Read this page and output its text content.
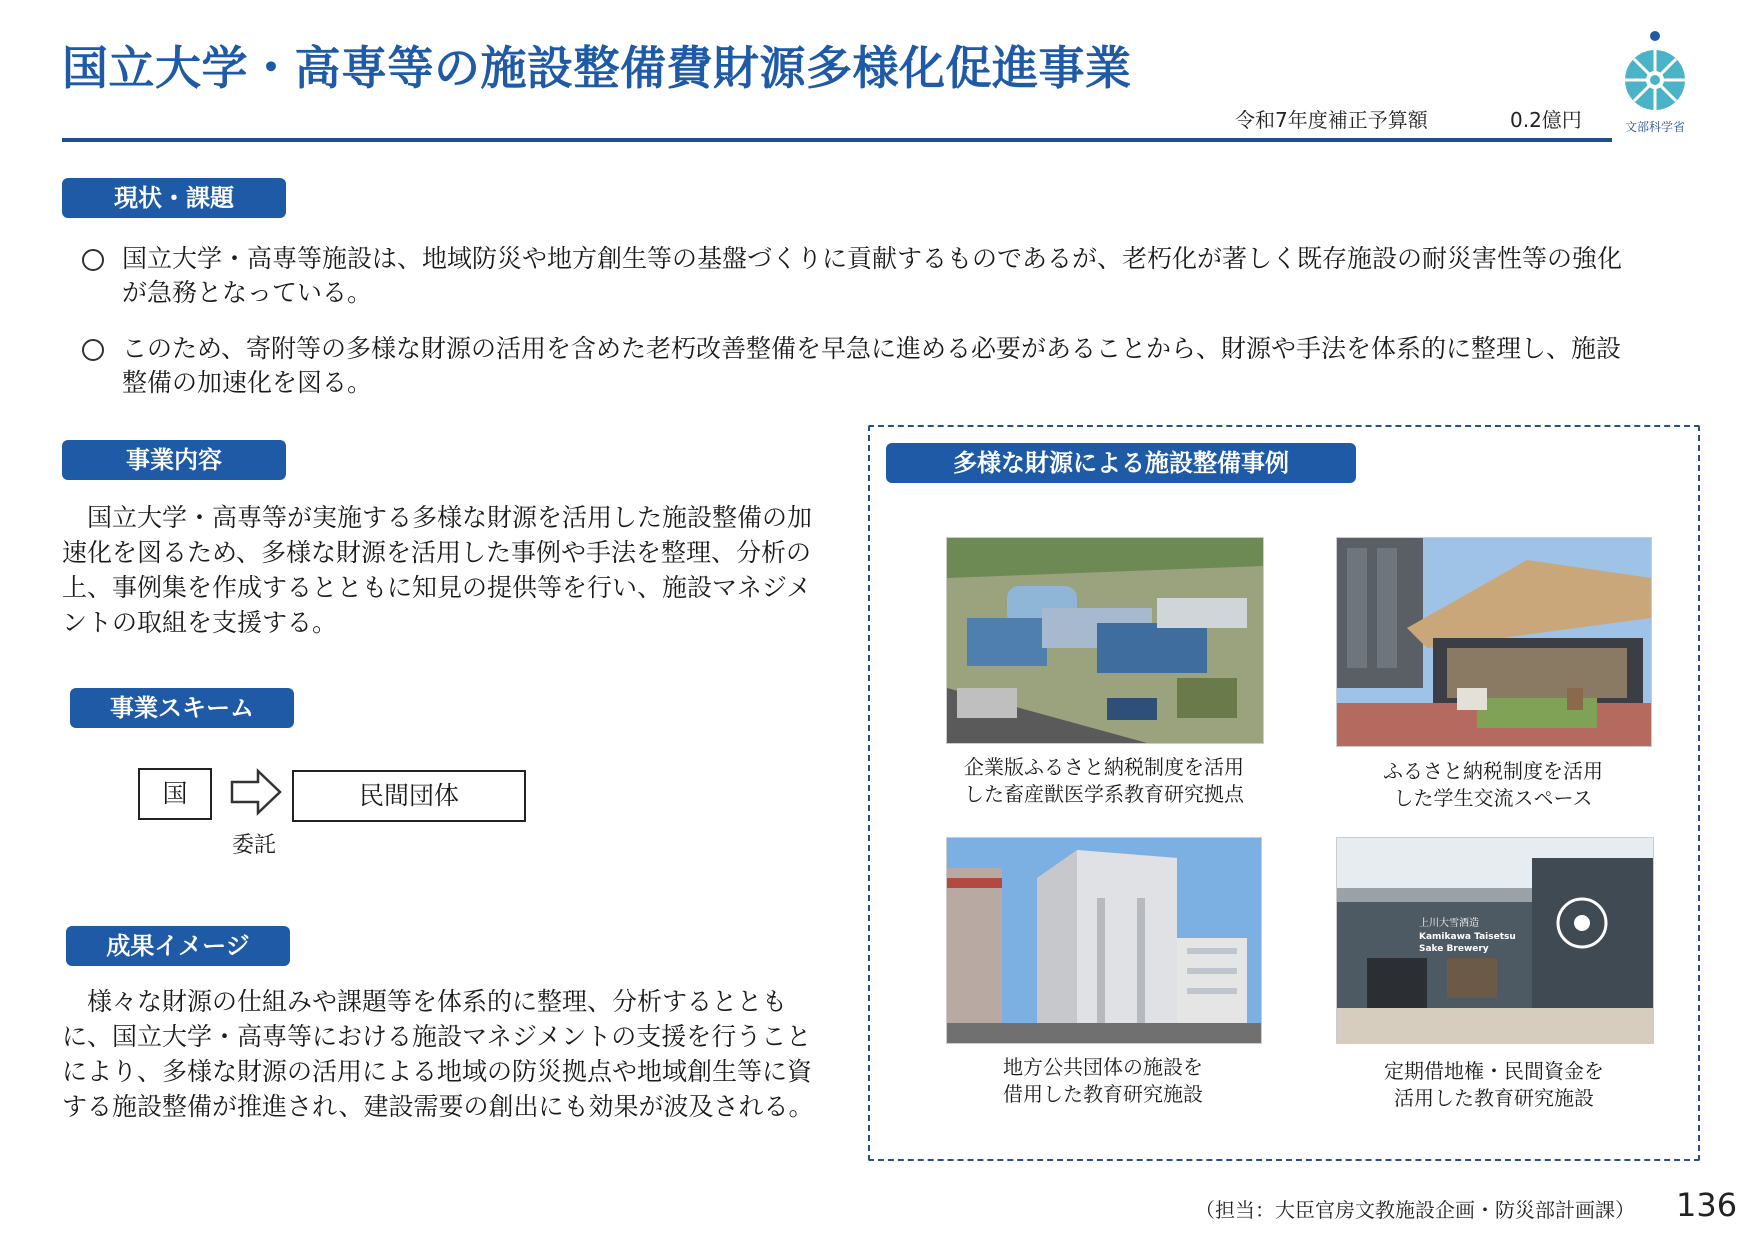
国立大学・高専等の施設整備費財源多様化促進事業
令和7年度補正予算額	0.2億円	文部科学省
現状・課題
国立大学・高専等施設は、地域防災や地方創生等の基盤づくりに貢献するものであるが、老朽化が著しく既存施設の耐災害性等の強化
が急務となっている。
このため、寄附等の多様な財源の活用を含めた老朽改善整備を早急に進める必要があることから、財源や手法を体系的に整理し、施設
整備の加速化を図る。
事業内容
国立大学・高専等が実施する多様な財源を活用した施設整備の加速化を図るため、多様な財源を活用した事例や手法を整理、分析の上、事例集を作成するとともに知見の提供等を行い、施設マネジメントの取組を支援する。
事業スキーム
国	民間団体
委託
成果イメージ
様々な財源の仕組みや課題等を体系的に整理、分析するとともに、国立大学・高専等における施設マネジメントの支援を行うことにより、多様な財源の活用による地域の防災拠点や地域創生等に資する施設整備が推進され、建設需要の創出にも効果が波及される。
多様な財源による施設整備事例
企業版ふるさと納税制度を活用
した畜産獣医学系教育研究拠点
ふるさと納税制度を活用
した学生交流スペース
上川大雪酒造
Kamikawa Taisetsu
Sake Brewery
地方公共団体の施設を
借用した教育研究施設
定期借地権・民間資金を
活用した教育研究施設
（担当：大臣官房文教施設企画・防災部計画課） 136
